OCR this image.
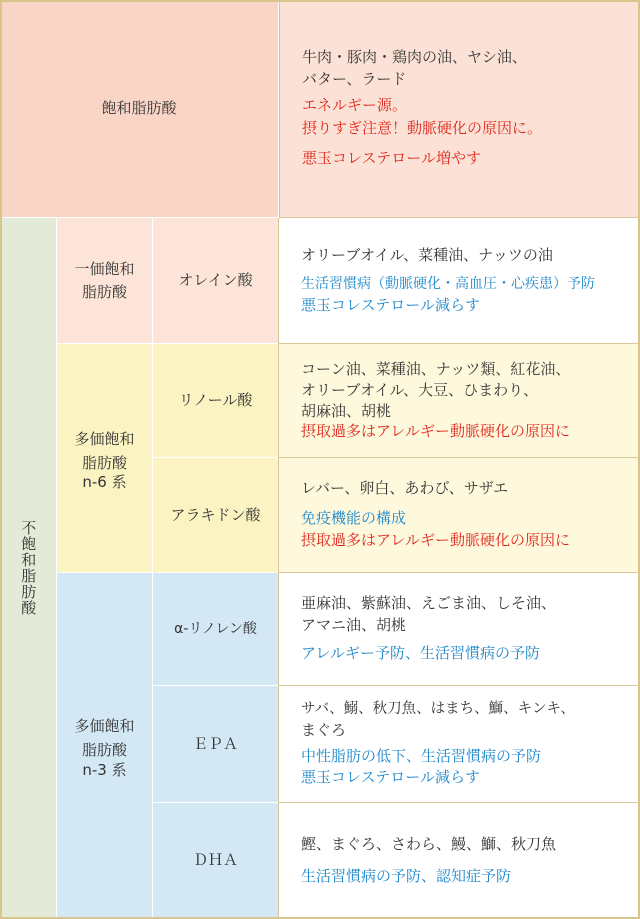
飽和脂肪酸
牛肉・豚肉・鶏肉の油、ヤシ油、
バター、ラード
エネルギー源。
摂りすぎ注意！動脈硬化の原因に。
悪玉コレステロール増やす
不飽和脂肪酸
一価飽和
脂肪酸
オレイン酸
オリーブオイル、菜種油、ナッツの油
生活習慣病（動脈硬化・高血圧・心疾患）予防
悪玉コレステロール減らす
多価飽和
脂肪酸
n-6 系
リノール酸
コーン油、菜種油、ナッツ類、紅花油、
オリーブオイル、大豆、ひまわり、
胡麻油、胡桃
摂取過多はアレルギー動脈硬化の原因に
アラキドン酸
レバー、卵白、あわび、サザエ
免疫機能の構成
摂取過多はアレルギー動脈硬化の原因に
多価飽和
脂肪酸
n-3 系
α‐リノレン酸
亜麻油、紫蘇油、えごま油、しそ油、
アマニ油、胡桃
アレルギー予防、生活習慣病の予防
ＥＰＡ
サバ、鰯、秋刀魚、はまち、鰤、キンキ、
まぐろ
中性脂肪の低下、生活習慣病の予防
悪玉コレステロール減らす
ＤＨＡ
鰹、まぐろ、さわら、鰻、鰤、秋刀魚
生活習慣病の予防、認知症予防
